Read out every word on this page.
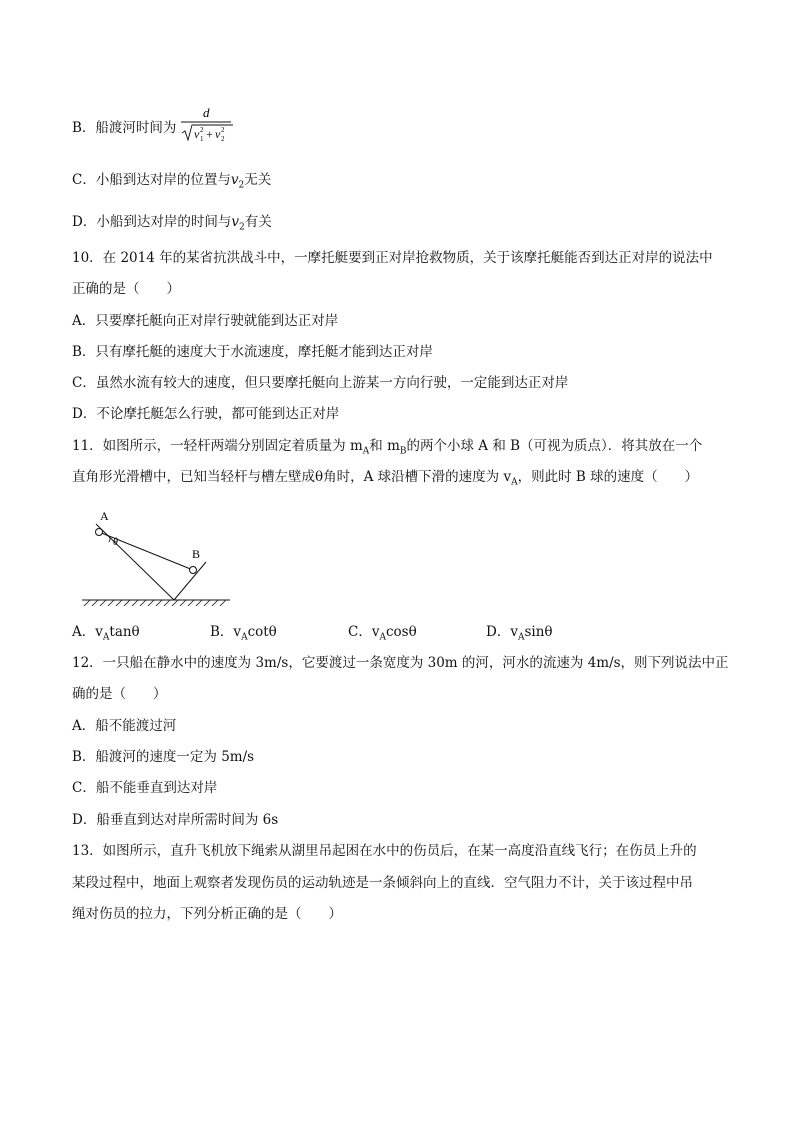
B．船渡河时间为
d
v 2
1 + v 2
2
C．小船到达对岸的位置与$v_2$无关
D．小船到达对岸的时间与$v_2$有关
10．在 2014 年的某省抗洪战斗中，一摩托艇要到正对岸抢救物质，关于该摩托艇能否到达正对岸的说法中
正确的是（　　）
A．只要摩托艇向正对岸行驶就能到达正对岸
B．只有摩托艇的速度大于水流速度，摩托艇才能到达正对岸
C．虽然水流有较大的速度，但只要摩托艇向上游某一方向行驶，一定能到达正对岸
D．不论摩托艇怎么行驶，都可能到达正对岸
11．如图所示，一轻杆两端分别固定着质量为 $m_A$和 $m_B$的两个小球 A 和 B（可视为质点）．将其放在一个
直角形光滑槽中，已知当轻杆与槽左壁成θ角时，A 球沿槽下滑的速度为 $v_A$，则此时 B 球的速度（　　）
A
B
θ
A．$v_A\tan\theta$	B．$v_A\cot\theta$	C．$v_A\cos\theta$	D．$v_A\sin\theta$
12．一只船在静水中的速度为 3m/s，它要渡过一条宽度为 30m 的河，河水的流速为 4m/s，则下列说法中正
确的是（　　）
A．船不能渡过河
B．船渡河的速度一定为 5m/s
C．船不能垂直到达对岸
D．船垂直到达对岸所需时间为 6s
13．如图所示，直升飞机放下绳索从湖里吊起困在水中的伤员后，在某一高度沿直线飞行；在伤员上升的
某段过程中，地面上观察者发现伤员的运动轨迹是一条倾斜向上的直线．空气阻力不计，关于该过程中吊
绳对伤员的拉力，下列分析正确的是（　　）
